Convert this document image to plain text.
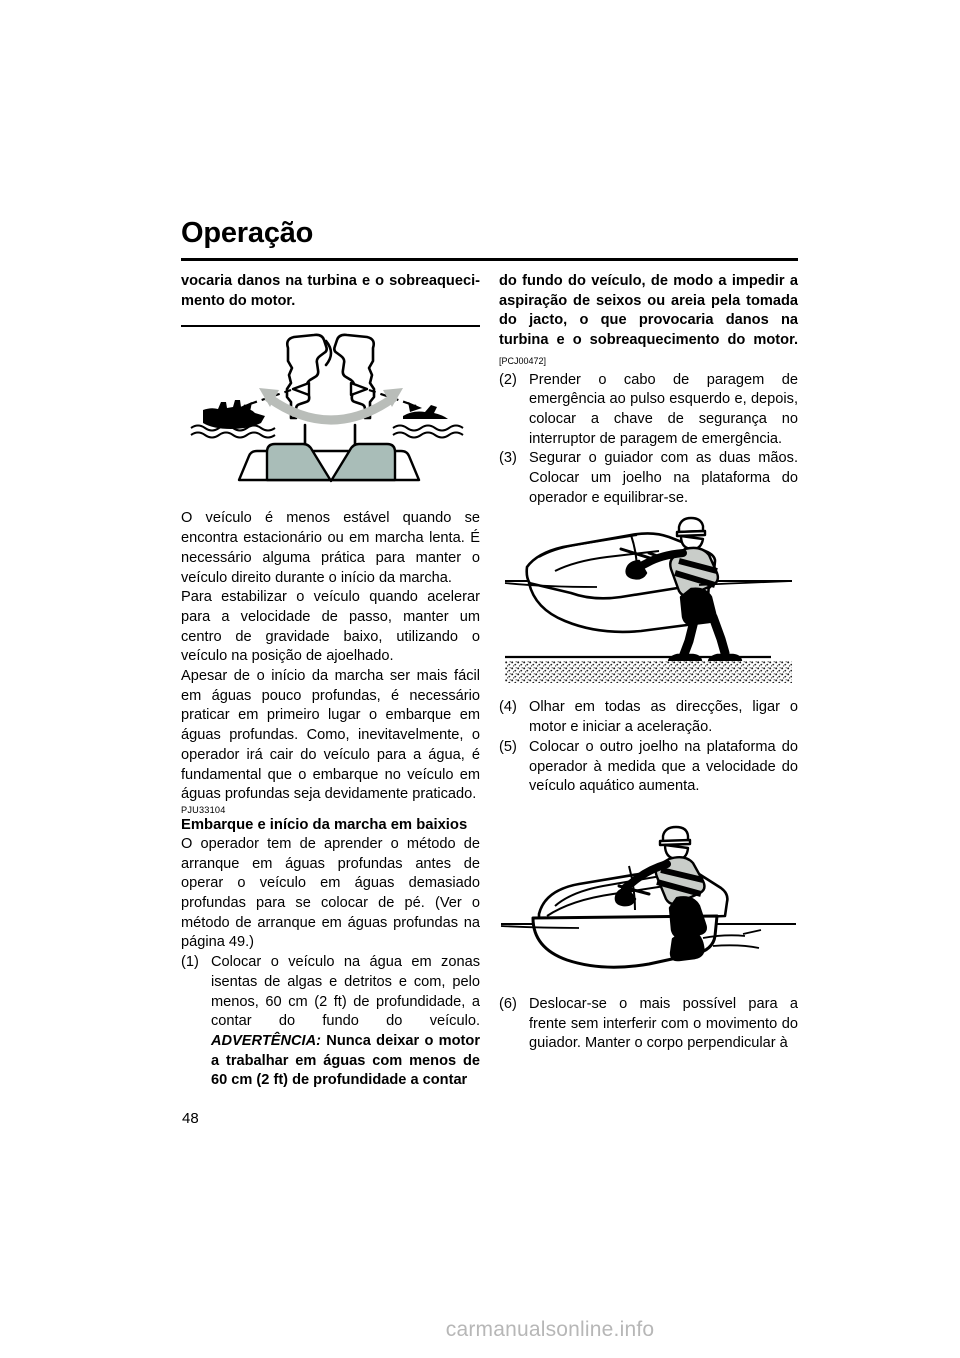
Operação

vocaria danos na turbina e o sobreaqueci-mento do motor.

O veículo é menos estável quando se encontra estacionário ou em marcha lenta. É necessário alguma prática para manter o veículo direito durante o início da marcha.

Para estabilizar o veículo quando acelerar para a velocidade de passo, manter um centro de gravidade baixo, utilizando o veículo na posição de ajoelhado.

Apesar de o início da marcha ser mais fácil em águas pouco profundas, é necessário praticar em primeiro lugar o embarque em águas profundas. Como, inevitavelmente, o operador irá cair do veículo para a água, é fundamental que o embarque no veículo em águas profundas seja devidamente praticado.

PJU33104

Embarque e início da marcha em baixios

O operador tem de aprender o método de arranque em águas profundas antes de operar o veículo em águas demasiado profundas para se colocar de pé. (Ver o método de arranque em águas profundas na página 49.)

(1) Colocar o veículo na água em zonas isentas de algas e detritos e com, pelo menos, 60 cm (2 ft) de profundidade, a contar do fundo do veículo. ADVERTÊNCIA: Nunca deixar o motor a trabalhar em águas com menos de 60 cm (2 ft) de profundidade a contar

do fundo do veículo, de modo a impedir a aspiração de seixos ou areia pela tomada do jacto, o que provocaria danos na turbina e o sobreaquecimento do motor.[PCJ00472]

(2) Prender o cabo de paragem de emergência ao pulso esquerdo e, depois, colocar a chave de segurança no interruptor de paragem de emergência.
(3) Segurar o guiador com as duas mãos. Colocar um joelho na plataforma do operador e equilibrar-se.
(4) Olhar em todas as direcções, ligar o motor e iniciar a aceleração.
(5) Colocar o outro joelho na plataforma do operador à medida que a velocidade do veículo aquático aumenta.
(6) Deslocar-se o mais possível para a frente sem interferir com o movimento do guiador. Manter o corpo perpendicular à
48
carmanualsonline.info
